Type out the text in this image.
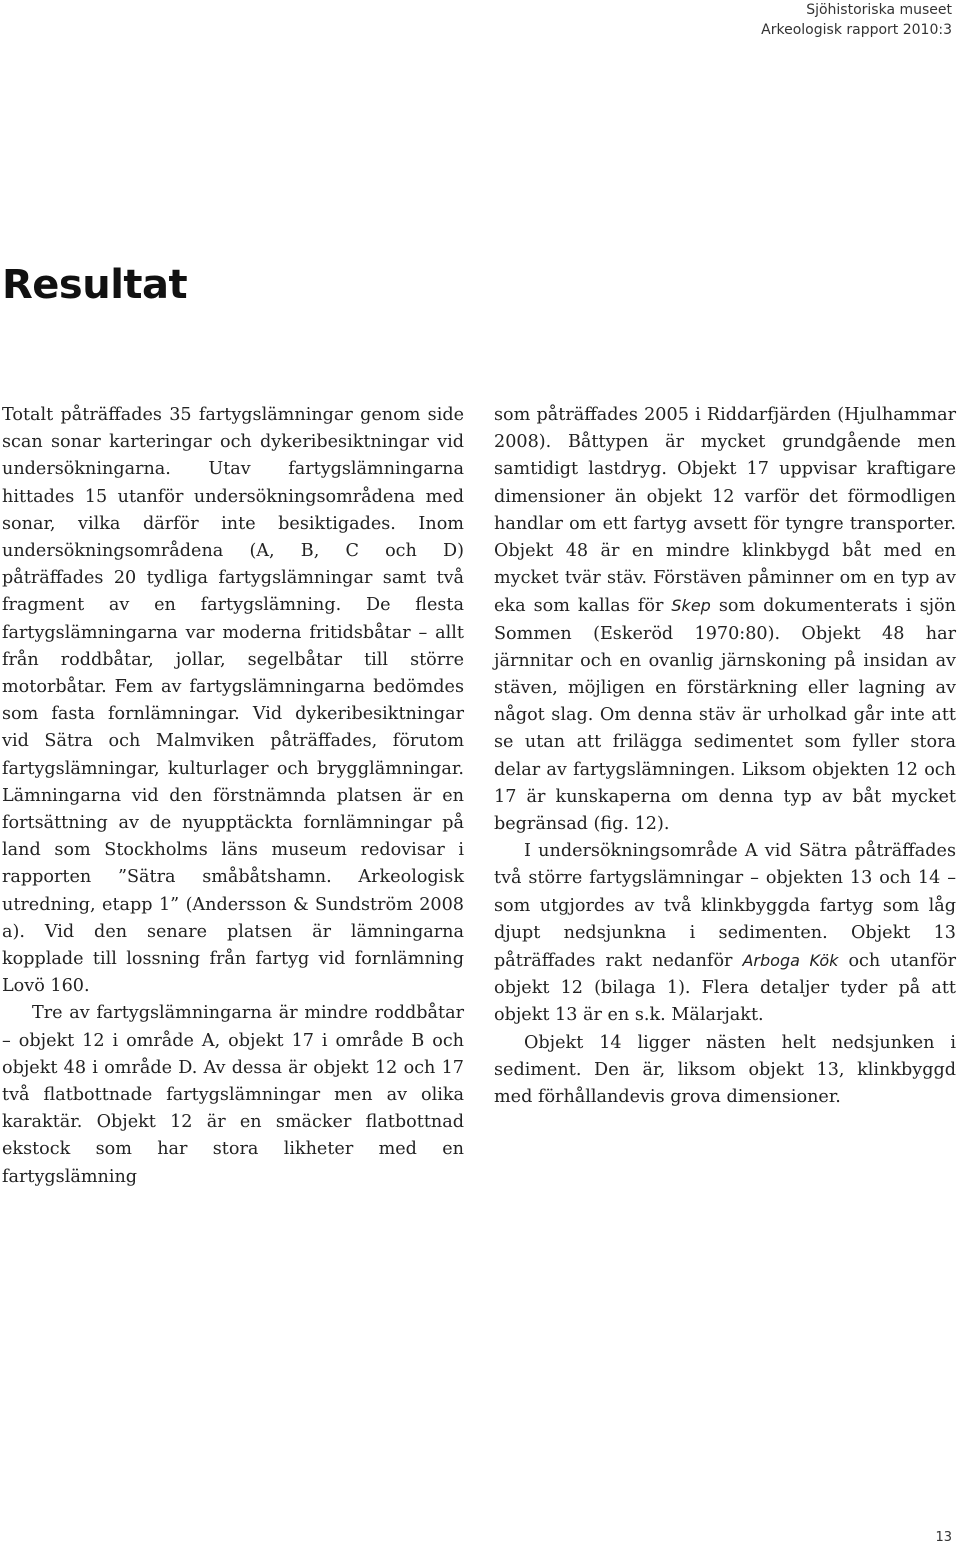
Sjöhistoriska museet
Arkeologisk rapport 2010:3
Resultat

Totalt påträffades 35 fartygslämningar genom side scan sonar karteringar och dykeribesiktningar vid undersökningarna. Utav fartygslämningarna hittades 15 utanför undersökningsområdena med sonar, vilka därför inte besiktigades. Inom undersökningsområdena (A, B, C och D) påträffades 20 tydliga fartygslämningar samt två fragment av en fartygslämning. De flesta fartygslämningarna var moderna fritidsbåtar – allt från roddbåtar, jollar, segelbåtar till större motorbåtar. Fem av fartygslämningarna bedömdes som fasta fornlämningar. Vid dykeribesiktningar vid Sätra och Malmviken påträffades, förutom fartygslämningar, kulturlager och brygglämningar. Lämningarna vid den förstnämnda platsen är en fortsättning av de nyupptäckta fornlämningar på land som Stockholms läns museum redovisar i rapporten ”Sätra småbåtshamn. Arkeologisk utredning, etapp 1” (Andersson & Sundström 2008 a). Vid den senare platsen är lämningarna kopplade till lossning från fartyg vid fornlämning Lovö 160.

Tre av fartygslämningarna är mindre roddbåtar – objekt 12 i område A, objekt 17 i område B och objekt 48 i område D. Av dessa är objekt 12 och 17 två flatbottnade fartygslämningar men av olika karaktär. Objekt 12 är en smäcker flatbottnad ekstock som har stora likheter med en fartygslämning

som påträffades 2005 i Riddarfjärden (Hjulhammar 2008). Båttypen är mycket grundgående men samtidigt lastdryg. Objekt 17 uppvisar kraftigare dimensioner än objekt 12 varför det förmodligen handlar om ett fartyg avsett för tyngre transporter. Objekt 48 är en mindre klinkbygd båt med en mycket tvär stäv. Förstäven påminner om en typ av eka som kallas för Skep som dokumenterats i sjön Sommen (Eskeröd 1970:80). Objekt 48 har järnnitar och en ovanlig järnskoning på insidan av stäven, möjligen en förstärkning eller lagning av något slag. Om denna stäv är urholkad går inte att se utan att frilägga sedimentet som fyller stora delar av fartygslämningen. Liksom objekten 12 och 17 är kunskaperna om denna typ av båt mycket begränsad (fig. 12).

I undersökningsområde A vid Sätra påträffades två större fartygslämningar – objekten 13 och 14 – som utgjordes av två klinkbyggda fartyg som låg djupt nedsjunkna i sedimenten. Objekt 13 påträffades rakt nedanför Arboga Kök och utanför objekt 12 (bilaga 1). Flera detaljer tyder på att objekt 13 är en s.k. Mälarjakt.

Objekt 14 ligger nästen helt nedsjunken i sediment. Den är, liksom objekt 13, klinkbyggd med förhållandevis grova dimensioner.

13
